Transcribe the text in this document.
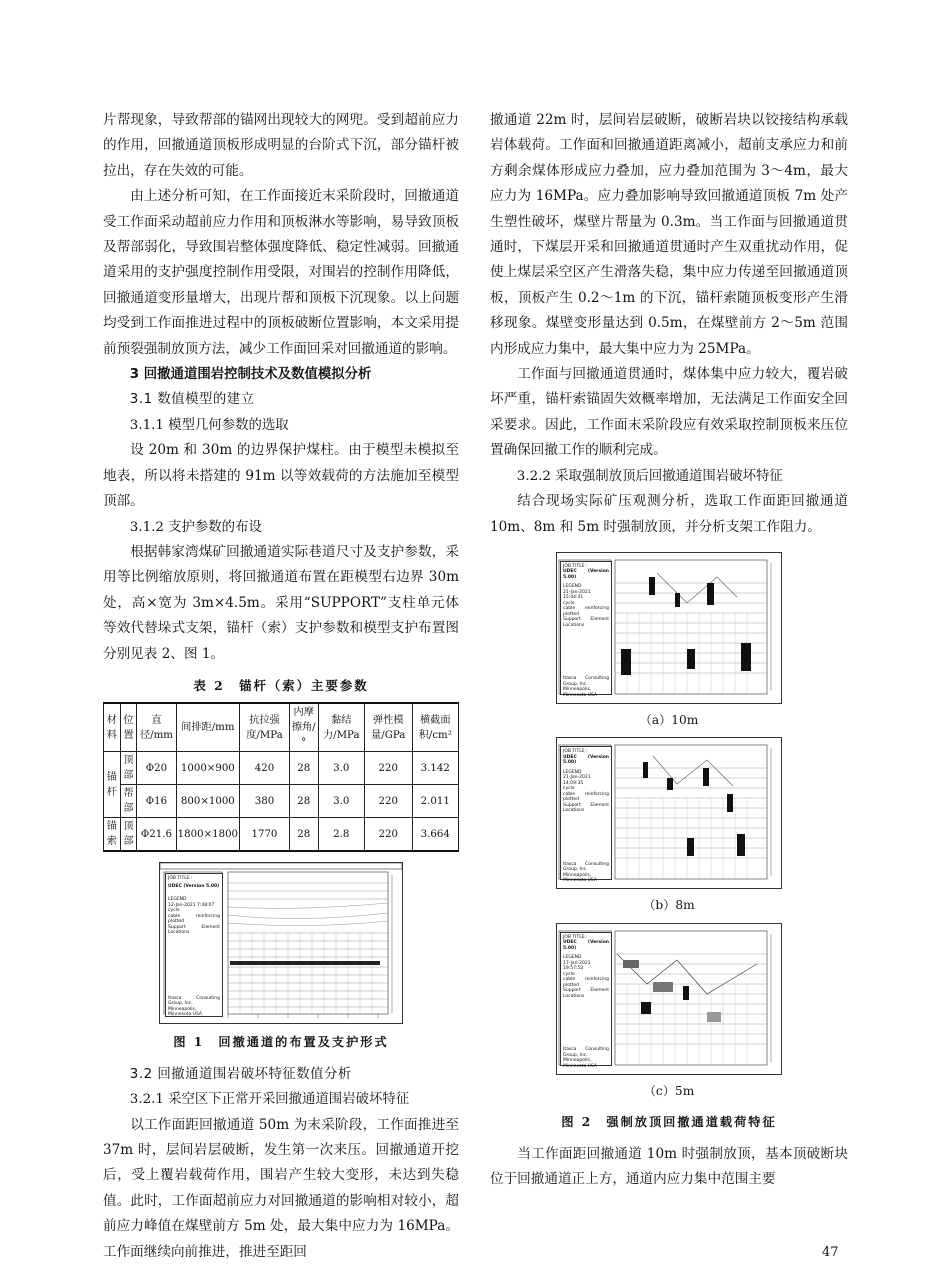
片帮现象，导致帮部的锚网出现较大的网兜。受到超前应力的作用，回撤通道顶板形成明显的台阶式下沉，部分锚杆被拉出，存在失效的可能。

由上述分析可知，在工作面接近末采阶段时，回撤通道受工作面采动超前应力作用和顶板淋水等影响，易导致顶板及帮部弱化，导致围岩整体强度降低、稳定性减弱。回撤通道采用的支护强度控制作用受限，对围岩的控制作用降低，回撤通道变形量增大，出现片帮和顶板下沉现象。以上问题均受到工作面推进过程中的顶板破断位置影响，本文采用提前预裂强制放顶方法，减少工作面回采对回撤通道的影响。

3 回撤通道围岩控制技术及数值模拟分析

3.1 数值模型的建立

3.1.1 模型几何参数的选取

设 20m 和 30m 的边界保护煤柱。由于模型未模拟至地表，所以将未搭建的 91m 以等效载荷的方法施加至模型顶部。

3.1.2 支护参数的布设

根据韩家湾煤矿回撤通道实际巷道尺寸及支护参数，采用等比例缩放原则，将回撤通道布置在距模型右边界 30m 处，高×宽为 3m×4.5m。采用“SUPPORT”支柱单元体等效代替垛式支架，锚杆（索）支护参数和模型支护布置图分别见表 2、图 1。

表 2　锚杆（索）主要参数
材料	位置	直径/mm	间排距/mm	抗拉强度/MPa	内摩擦角/°	黏结力/MPa	弹性模量/GPa	横截面积/cm²
锚杆	顶部	Φ20	1000×900	420	28	3.0	220	3.142
	帮部	Φ16	800×1000	380	28	3.0	220	2.011
锚索	顶部	Φ21.6	1800×1800	1770	28	2.8	220	3.664
JOB TITLE :
UDEC (Version 5.00)
LEGEND
12-Jan-2021 7:48:07
cycle
cable reinforcing plotted
Support Element Locations
Itasca Consulting Group, Inc.
Minneapolis, Minnesota USA
图 1　回撤通道的布置及支护形式

3.2 回撤通道围岩破坏特征数值分析

3.2.1 采空区下正常开采回撤通道围岩破坏特征

以工作面距回撤通道 50m 为末采阶段，工作面推进至 37m 时，层间岩层破断，发生第一次来压。回撤通道开挖后，受上覆岩载荷作用，围岩产生较大变形，未达到失稳值。此时，工作面超前应力对回撤通道的影响相对较小，超前应力峰值在煤壁前方 5m 处，最大集中应力为 16MPa。工作面继续向前推进，推进至距回

撤通道 22m 时，层间岩层破断，破断岩块以铰接结构承载岩体载荷。工作面和回撤通道距离减小，超前支承应力和前方剩余煤体形成应力叠加，应力叠加范围为 3～4m，最大应力为 16MPa。应力叠加影响导致回撤通道顶板 7m 处产生塑性破坏，煤壁片帮量为 0.3m。当工作面与回撤通道贯通时，下煤层开采和回撤通道贯通时产生双重扰动作用，促使上煤层采空区产生滑落失稳，集中应力传递至回撤通道顶板，顶板产生 0.2～1m 的下沉，锚杆索随顶板变形产生滑移现象。煤壁变形量达到 0.5m，在煤壁前方 2～5m 范围内形成应力集中，最大集中应力为 25MPa。

工作面与回撤通道贯通时，煤体集中应力较大，覆岩破坏严重，锚杆索锚固失效概率增加，无法满足工作面安全回采要求。因此，工作面末采阶段应有效采取控制顶板来压位置确保回撤工作的顺利完成。

3.2.2 采取强制放顶后回撤通道围岩破坏特征

结合现场实际矿压观测分析，选取工作面距回撤通道 10m、8m 和 5m 时强制放顶，并分析支架工作阻力。

JOB TITLE :
UDEC (Version 5.00)
LEGEND
21-Jan-2021 15:44:41
cycle
cable reinforcing plotted
Support Element Locations
Itasca Consulting Group, Inc.
Minneapolis, Minnesota USA
（a）10m
JOB TITLE :
UDEC (Version 5.00)
LEGEND
21-Jan-2021 14:09:35
cycle
cable reinforcing plotted
Support Element Locations
Itasca Consulting Group, Inc.
Minneapolis, Minnesota USA
（b）8m
JOB TITLE :
UDEC (Version 5.00)
LEGEND
17-Jan-2021 19:57:52
cycle
cable reinforcing plotted
Support Element Locations
Itasca Consulting Group, Inc.
Minneapolis, Minnesota USA
（c）5m
图 2　强制放顶回撤通道载荷特征

当工作面距回撤通道 10m 时强制放顶，基本顶破断块位于回撤通道正上方，通道内应力集中范围主要

47
